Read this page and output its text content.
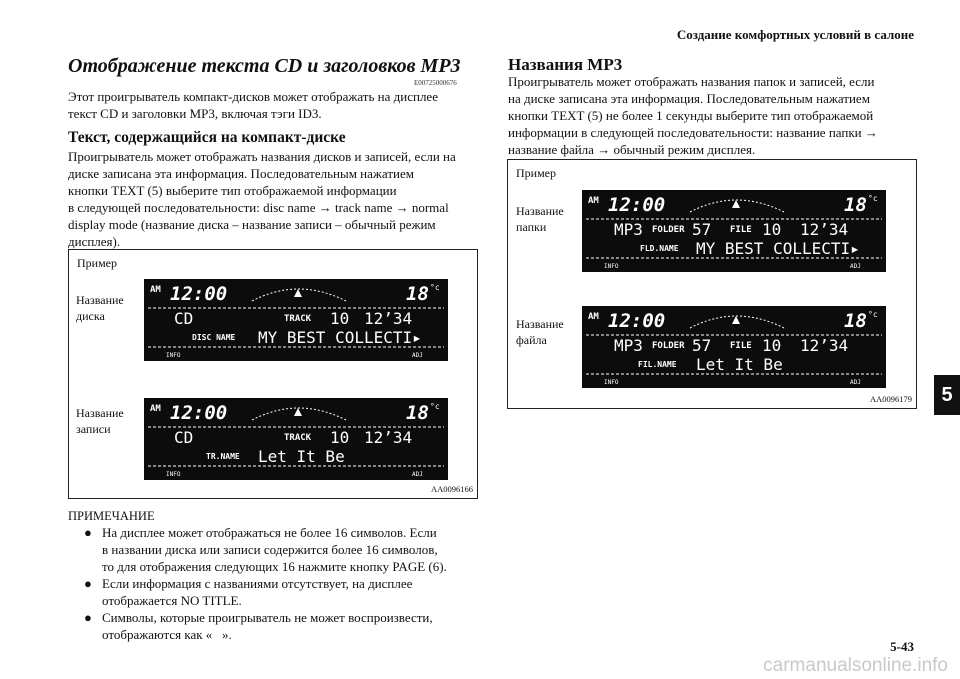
Создание комфортных условий в салоне
Отображение текста CD и заголовков MP3
E00725000676
Этот проигрыватель компакт-дисков может отображать на дисплее
текст CD и заголовки MP3, включая тэги ID3.
Текст, содержащийся на компакт-диске
Проигрыватель может отображать названия дисков и записей, если на
диске записана эта информация. Последовательным нажатием
кнопки TEXT (5) выберите тип отображаемой информации
в следующей последовательности: disc name → track name → normal
display mode (название диска – название записи – обычный режим
дисплея).
Пример
Название
диска
Название
записи
AA0096166
AM 12:00	18 °c
CD	TRACK 10 12’34
DISC NAME MY BEST COLLECTI▸
INFO	ADJ
AM 12:00	18 °c
CD	TRACK 10 12’34
TR.NAME Let It Be
INFO	ADJ
ПРИМЕЧАНИЕ
● На дисплее может отображаться не более 16 символов. Если
в названии диска или записи содержится более 16 символов,
то для отображения следующих 16 нажмите кнопку PAGE (6).
● Если информация с названиями отсутствует, на дисплее
отображается NO TITLE.
● Символы, которые проигрыватель не может воспроизвести,
отображаются как «   ».
Названия MP3
Проигрыватель может отображать названия папок и записей, если
на диске записана эта информация. Последовательным нажатием
кнопки TEXT (5) не более 1 секунды выберите тип отображаемой
информации в следующей последовательности: название папки →
название файла → обычный режим дисплея.
Пример
Название
папки
Название
файла
AA0096179
AM 12:00	18 °c
MP3 FOLDER 57 FILE 10 12’34
FLD.NAME MY BEST COLLECTI▸
INFO	ADJ
AM 12:00	18 °c
MP3 FOLDER 57 FILE 10 12’34
FIL.NAME Let It Be
INFO	ADJ
5
5-43
carmanualsonline.info
